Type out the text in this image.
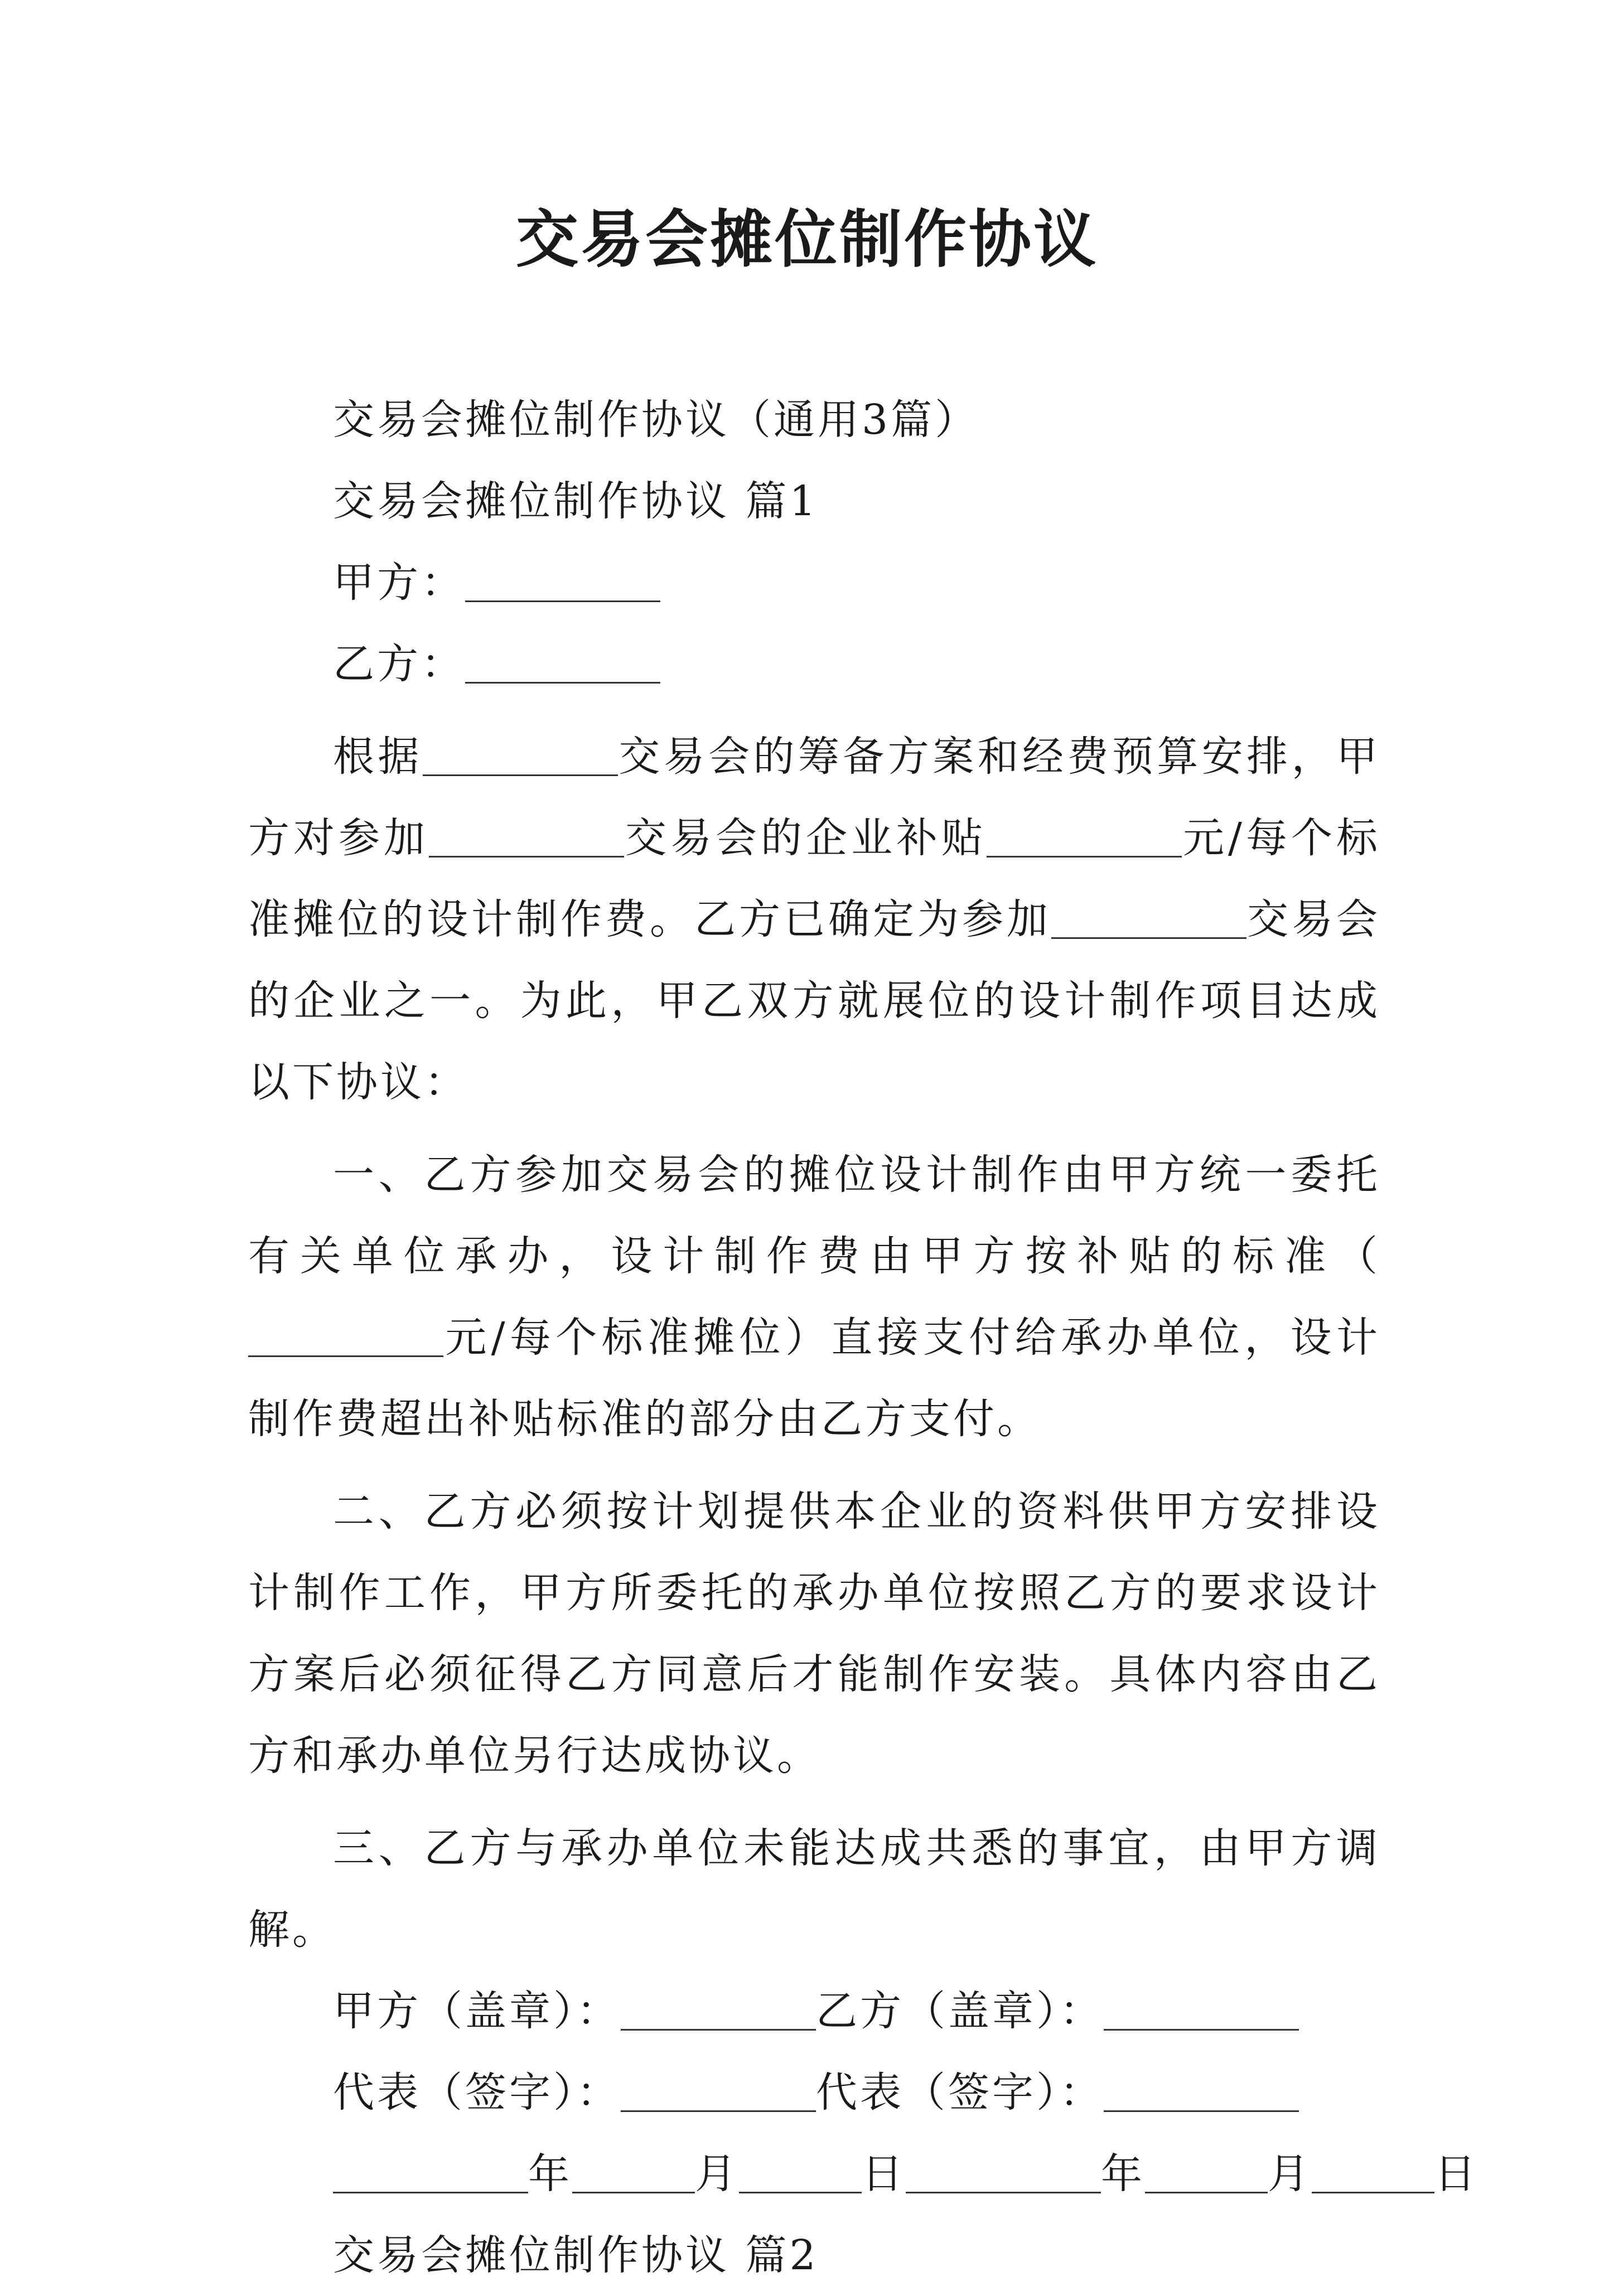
交易会摊位制作协议

交易会摊位制作协议（通用3篇）

交易会摊位制作协议 篇1

甲方：

乙方：

根据	交易会的筹备方案和经费预算安排，甲方对参加	交易会的企业补贴	元/每个标准摊位的设计制作费。乙方已确定为参加	交易会的企业之一。为此，甲乙双方就展位的设计制作项目达成以下协议：

一、乙方参加交易会的摊位设计制作由甲方统一委托有关单位承办，设计制作费由甲方按补贴的标准（元/每个标准摊位）直接支付给承办单位，设计制作费超出补贴标准的部分由乙方支付。

二、乙方必须按计划提供本企业的资料供甲方安排设计制作工作，甲方所委托的承办单位按照乙方的要求设计方案后必须征得乙方同意后才能制作安装。具体内容由乙方和承办单位另行达成协议。

三、乙方与承办单位未能达成共悉的事宜，由甲方调解。

甲方（盖章）：	乙方（盖章）：

代表（签字）：	代表（签字）：

年	月	日	年	月	日

交易会摊位制作协议 篇2
